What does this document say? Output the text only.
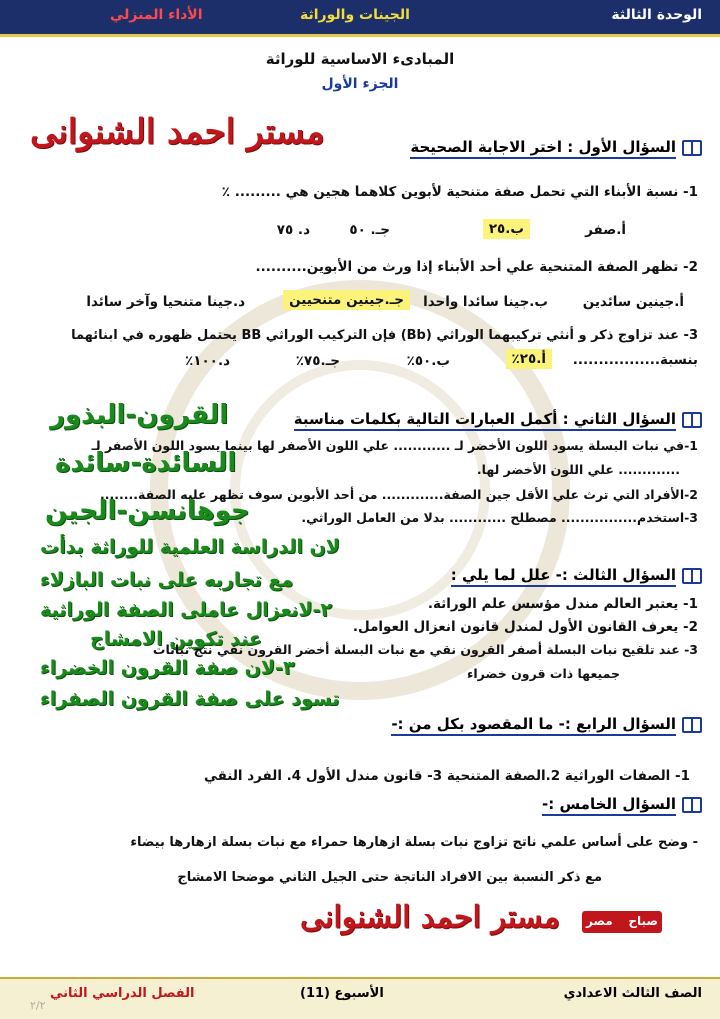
الوحدة الثالثة
الجينات والوراثة
الأداء المنزلي
المبادىء الاساسية للوراثة
الجزء الأول
مستر احمد الشنوانى	السؤال الأول : اختر الاجابة الصحيحة
1- نسبة الأبناء التي تحمل صفة متنحية لأبوين كلاهما هجين هي ......... ٪
أ.صفر
ب.٢٥
جـ. ٥٠
د. ٧٥
2- تظهر الصفة المتنحية علي أحد الأبناء إذا ورث من الأبوين..........
أ.جينين سائدين
ب.جينا سائدا واحدا
جـ.جينين متنحيين
د.جينا متنحيا وآخر سائدا
3- عند تزاوج ذكر و أنثي تركيبهما الوراثي (Bb) فإن التركيب الوراثي BB يحتمل ظهوره في ابنائهما
بنسبة.................
أ.٢٥٪
ب.٥٠٪
جـ.٧٥٪
د.١٠٠٪
القرون-البذور	السؤال الثاني : أكمل العبارات التالية بكلمات مناسبة
1-في نبات البسلة يسود اللون الأخضر لـ ............ علي اللون الأصفر لها بينما يسود اللون الأصفر لـ
السائدة-سائدة	............. علي اللون الأخضر لها.
2-الأفراد التي ترث علي الأقل جين الصفة............. من أحد الأبوين سوف تظهر عليه الصفة........
جوهانسن-الجين	3-استخدم................ مصطلح ............ بدلا من العامل الوراثي.
لان الدراسة العلمية للوراثة بدأت
السؤال الثالث :- علل لما يلي :
مع تجاربه على نبات البازلاء
1- يعتبر العالم مندل مؤسس علم الوراثة.
٢-لانعزال عاملى الصفة الوراثية
2- يعرف القانون الأول لمندل قانون انعزال العوامل.
عند تكوين الامشاج
3- عند تلقيح نبات البسلة أصفر القرون نقي مع نبات البسلة أخضر القرون نقي نتج نباتات
٣-لان صفة القرون الخضراء	جميعها ذات قرون خضراء
تسود على صفة القرون الصفراء
السؤال الرابع :- ما المقصود بكل من :-
1- الصفات الوراثية 2.الصفة المتنحية 3- قانون مندل الأول 4. الفرد النقي
السؤال الخامس :-
- وضح على أساس علمي ناتج تزاوج نبات بسلة ازهارها حمراء مع نبات بسلة ازهارها بيضاء
مع ذكر النسبة بين الافراد الناتجة حتى الجيل الثاني موضحا الامشاج
مستر احمد الشنوانى	صباح
مصر
الصف الثالث الاعدادي
الأسبوع (11)
الفصل الدراسي الثاني
٢/٢
